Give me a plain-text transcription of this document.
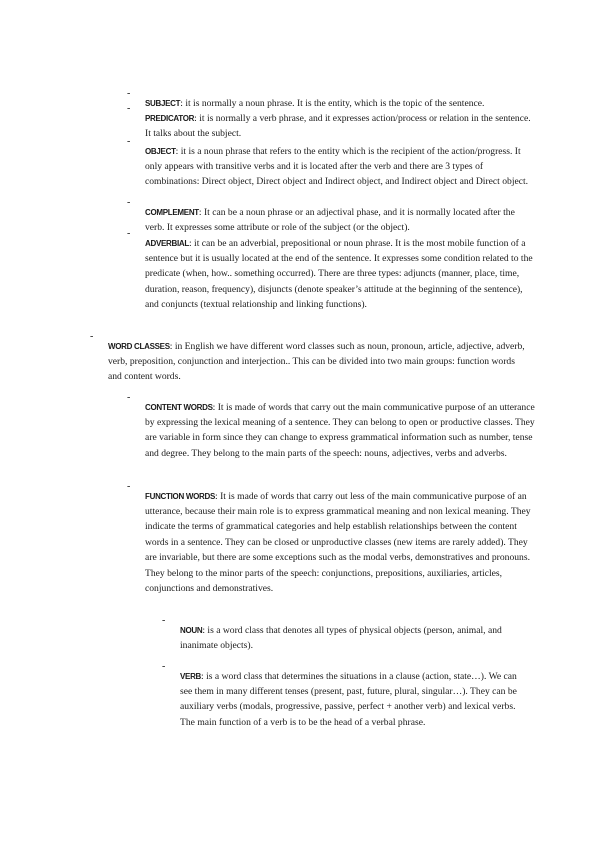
-

SUBJECT: it is normally a noun phrase. It is the entity, which is the topic of the sentence.

-

PREDICATOR: it is normally a verb phrase, and it expresses action/process or relation in the sentence. It talks about the subject.

-

OBJECT: it is a noun phrase that refers to the entity which is the recipient of the action/progress. It only appears with transitive verbs and it is located after the verb and there are 3 types of combinations: Direct object, Direct object and Indirect object, and Indirect object and Direct object.

-

COMPLEMENT: It can be a noun phrase or an adjectival phase, and it is normally located after the verb. It expresses some attribute or role of the subject (or the object).

-

ADVERBIAL: it can be an adverbial, prepositional or noun phrase. It is the most mobile function of a sentence but it is usually located at the end of the sentence. It expresses some condition related to the predicate (when, how.. something occurred). There are three types: adjuncts (manner, place, time, duration, reason, frequency), disjuncts (denote speaker’s attitude at the beginning of the sentence), and conjuncts (textual relationship and linking functions).

-

WORD CLASSES: in English we have different word classes such as noun, pronoun, article, adjective, adverb, verb, preposition, conjunction and interjection.. This can be divided into two main groups: function words and content words.

-

CONTENT WORDS: It is made of words that carry out the main communicative purpose of an utterance by expressing the lexical meaning of a sentence. They can belong to open or productive classes. They are variable in form since they can change to express grammatical information such as number, tense and degree. They belong to the main parts of the speech: nouns, adjectives, verbs and adverbs.

-

FUNCTION WORDS: It is made of words that carry out less of the main communicative purpose of an utterance, because their main role is to express grammatical meaning and non lexical meaning. They indicate the terms of grammatical categories and help establish relationships between the content words in a sentence. They can be closed or unproductive classes (new items are rarely added). They are invariable, but there are some exceptions such as the modal verbs, demonstratives and pronouns. They belong to the minor parts of the speech: conjunctions, prepositions, auxiliaries, articles, conjunctions and demonstratives.

-

NOUN: is a word class that denotes all types of physical objects (person, animal, and inanimate objects).

-

VERB: is a word class that determines the situations in a clause (action, state…). We can see them in many different tenses (present, past, future, plural, singular…). They can be auxiliary verbs (modals, progressive, passive, perfect + another verb) and lexical verbs. The main function of a verb is to be the head of a verbal phrase.
